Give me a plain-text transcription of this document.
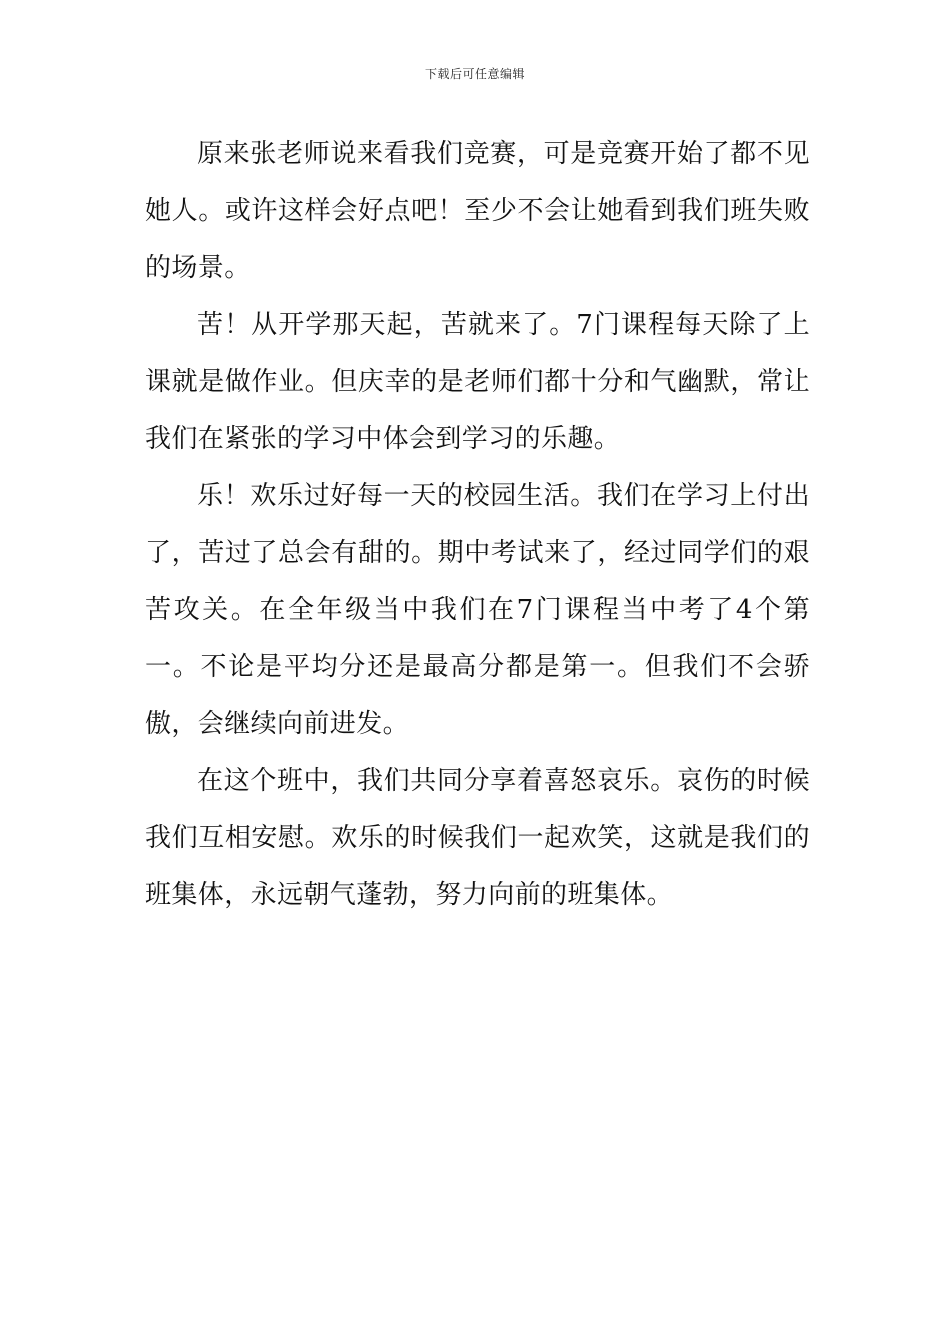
下载后可任意编辑

原来张老师说来看我们竞赛，可是竞赛开始了都不见她人。或许这样会好点吧！至少不会让她看到我们班失败的场景。

苦！从开学那天起，苦就来了。7门课程每天除了上课就是做作业。但庆幸的是老师们都十分和气幽默，常让我们在紧张的学习中体会到学习的乐趣。

乐！欢乐过好每一天的校园生活。我们在学习上付出了，苦过了总会有甜的。期中考试来了，经过同学们的艰苦攻关。在全年级当中我们在7门课程当中考了4个第一。不论是平均分还是最高分都是第一。但我们不会骄傲，会继续向前进发。

在这个班中，我们共同分享着喜怒哀乐。哀伤的时候我们互相安慰。欢乐的时候我们一起欢笑，这就是我们的班集体，永远朝气蓬勃，努力向前的班集体。
